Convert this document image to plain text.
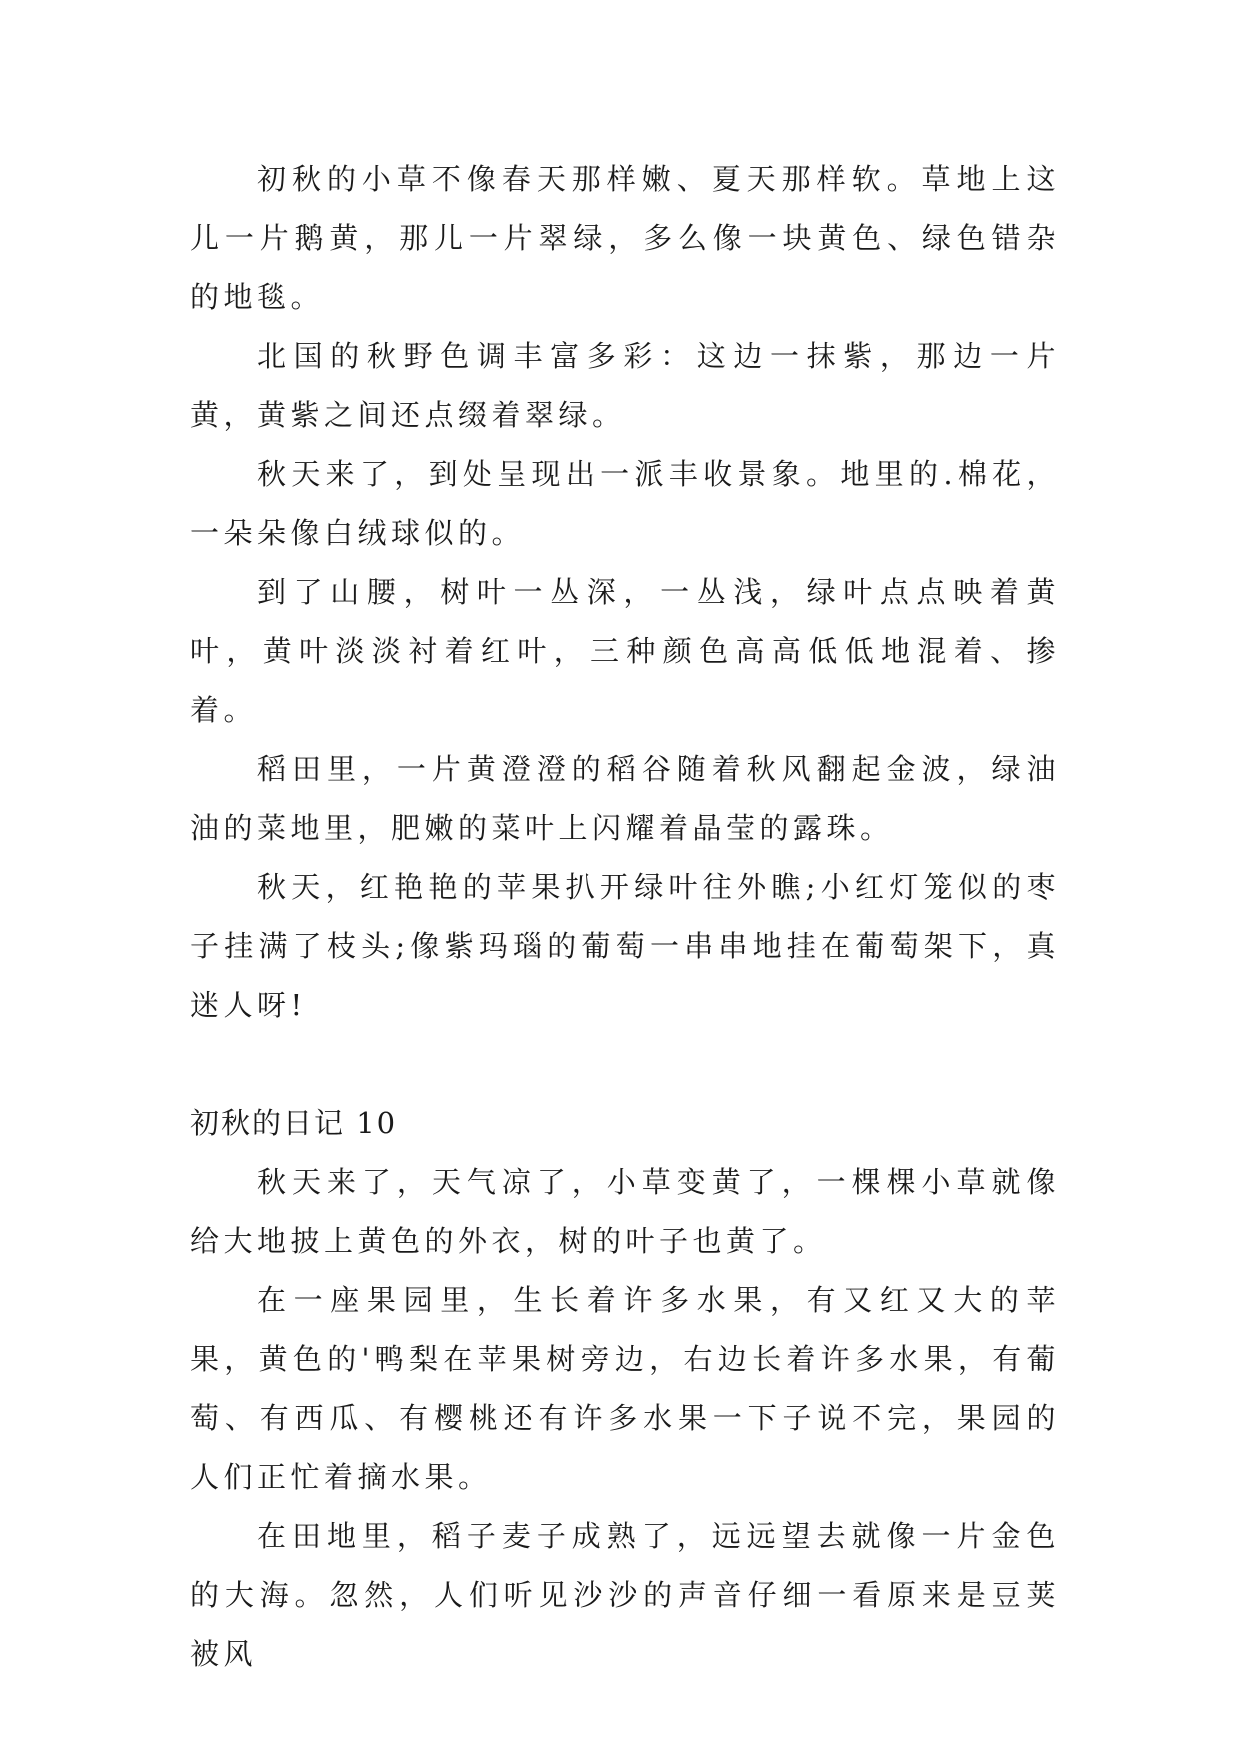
初秋的小草不像春天那样嫩、夏天那样软。草地上这儿一片鹅黄，那儿一片翠绿，多么像一块黄色、绿色错杂的地毯。

北国的秋野色调丰富多彩：这边一抹紫，那边一片黄，黄紫之间还点缀着翠绿。

秋天来了，到处呈现出一派丰收景象。地里的.棉花，一朵朵像白绒球似的。

到了山腰，树叶一丛深，一丛浅，绿叶点点映着黄叶，黄叶淡淡衬着红叶，三种颜色高高低低地混着、掺着。

稻田里，一片黄澄澄的稻谷随着秋风翻起金波，绿油油的菜地里，肥嫩的菜叶上闪耀着晶莹的露珠。

秋天，红艳艳的苹果扒开绿叶往外瞧;小红灯笼似的枣子挂满了枝头;像紫玛瑙的葡萄一串串地挂在葡萄架下，真迷人呀!

初秋的日记 10

秋天来了，天气凉了，小草变黄了，一棵棵小草就像给大地披上黄色的外衣，树的叶子也黄了。

在一座果园里，生长着许多水果，有又红又大的苹果，黄色的'鸭梨在苹果树旁边，右边长着许多水果，有葡萄、有西瓜、有樱桃还有许多水果一下子说不完，果园的人们正忙着摘水果。

在田地里，稻子麦子成熟了，远远望去就像一片金色的大海。忽然，人们听见沙沙的声音仔细一看原来是豆荚被风
